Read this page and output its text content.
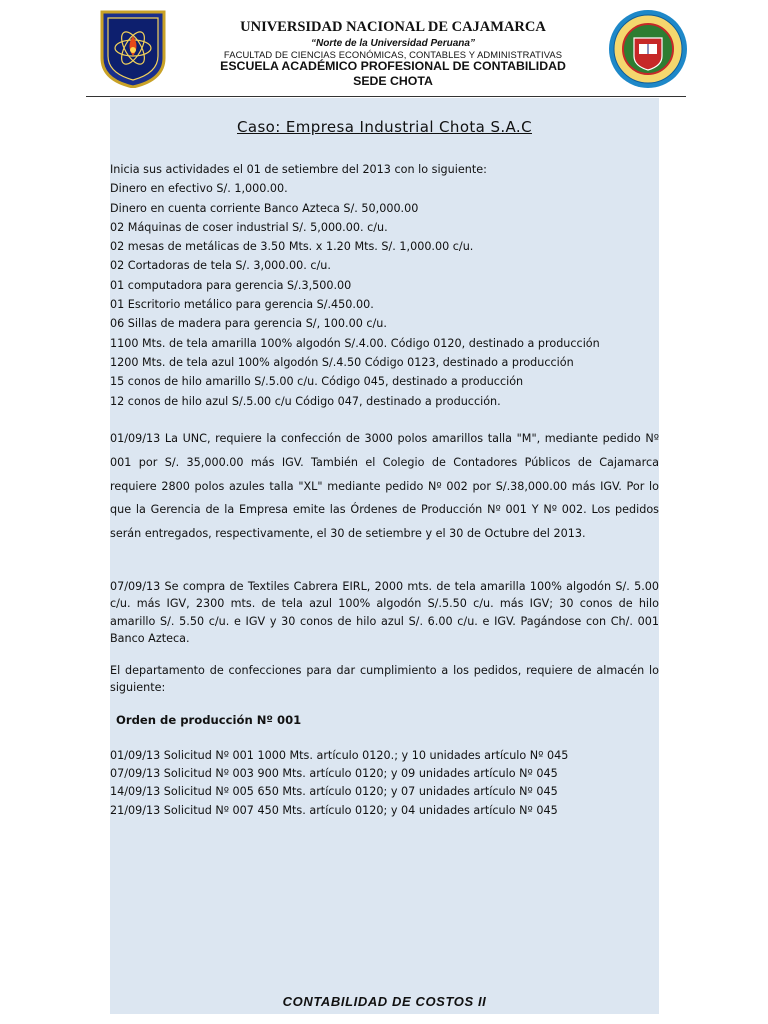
UNIVERSIDAD NACIONAL DE CAJAMARCA
“Norte de la Universidad Peruana”
FACULTAD DE CIENCIAS ECONÓMICAS, CONTABLES Y ADMINISTRATIVAS
ESCUELA ACADÉMICO PROFESIONAL DE CONTABILIDAD
SEDE CHOTA
Caso: Empresa Industrial Chota S.A.C
Inicia sus actividades el 01 de setiembre del 2013 con lo siguiente:
Dinero en efectivo S/. 1,000.00.
Dinero en cuenta corriente Banco Azteca S/. 50,000.00
02 Máquinas de coser industrial S/. 5,000.00. c/u.
02 mesas de metálicas de 3.50 Mts. x 1.20 Mts. S/. 1,000.00 c/u.
02 Cortadoras de tela S/. 3,000.00. c/u.
01 computadora para gerencia S/.3,500.00
01 Escritorio metálico para gerencia S/.450.00.
06 Sillas de madera para gerencia S/, 100.00 c/u.
1100 Mts. de tela amarilla 100% algodón S/.4.00. Código 0120, destinado a producción
1200 Mts. de tela azul 100% algodón S/.4.50 Código 0123, destinado a producción
15 conos de hilo amarillo S/.5.00 c/u. Código 045, destinado a producción
12 conos de hilo azul S/.5.00 c/u Código 047, destinado a producción.
01/09/13 La UNC, requiere la confección de 3000 polos amarillos talla "M", mediante pedido Nº 001 por S/. 35,000.00 más IGV. También el Colegio de Contadores Públicos de Cajamarca requiere 2800 polos azules talla "XL" mediante pedido Nº 002 por S/.38,000.00 más IGV. Por lo que la Gerencia de la Empresa emite las Órdenes de Producción Nº 001 Y Nº 002. Los pedidos serán entregados, respectivamente, el 30 de setiembre y el 30 de Octubre del 2013.
07/09/13 Se compra de Textiles Cabrera EIRL, 2000 mts. de tela amarilla 100% algodón S/. 5.00 c/u. más IGV, 2300 mts. de tela azul 100% algodón S/.5.50 c/u. más IGV; 30 conos de hilo amarillo S/. 5.50 c/u. e IGV y 30 conos de hilo azul S/. 6.00 c/u. e IGV. Pagándose con Ch/. 001 Banco Azteca.
El departamento de confecciones para dar cumplimiento a los pedidos, requiere de almacén lo siguiente:
Orden de producción Nº 001
01/09/13 Solicitud Nº 001 1000 Mts. artículo 0120.; y 10 unidades artículo Nº 045
07/09/13 Solicitud Nº 003 900 Mts. artículo 0120; y 09 unidades artículo Nº 045
14/09/13 Solicitud Nº 005 650 Mts. artículo 0120; y 07 unidades artículo Nº 045
21/09/13 Solicitud Nº 007 450 Mts. artículo 0120; y 04 unidades artículo Nº 045
CONTABILIDAD DE COSTOS II
